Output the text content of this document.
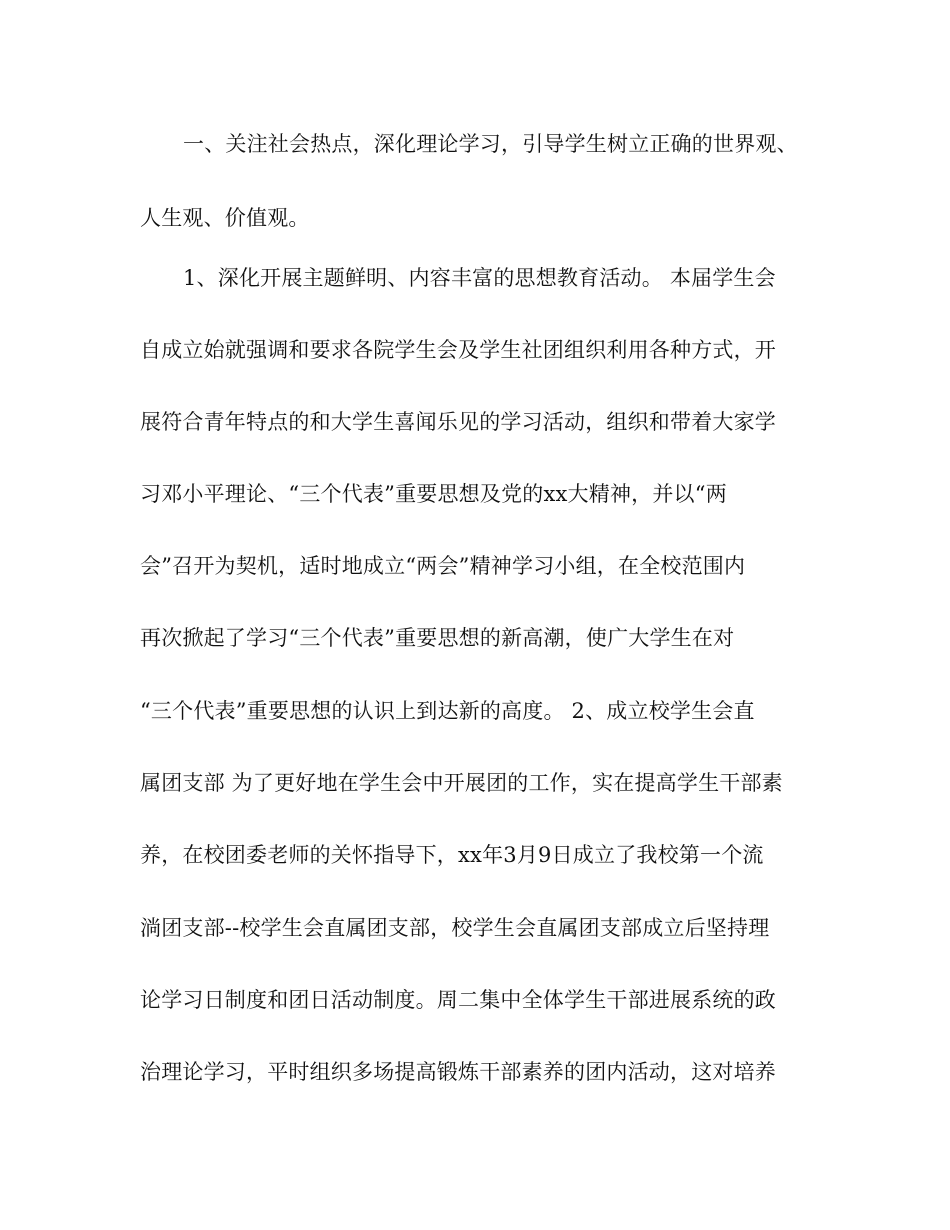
一、关注社会热点，深化理论学习，引导学生树立正确的世界观、
人生观、价值观。
1、深化开展主题鲜明、内容丰富的思想教育活动。 本届学生会
自成立始就强调和要求各院学生会及学生社团组织利用各种方式，开
展符合青年特点的和大学生喜闻乐见的学习活动，组织和带着大家学
习邓小平理论、“三个代表”重要思想及党的xx大精神，并以“两
会”召开为契机，适时地成立“两会”精神学习小组，在全校范围内
再次掀起了学习“三个代表”重要思想的新高潮，使广大学生在对
“三个代表”重要思想的认识上到达新的高度。 2、成立校学生会直
属团支部 为了更好地在学生会中开展团的工作，实在提高学生干部素
养，在校团委老师的关怀指导下，xx年3月9日成立了我校第一个流
淌团支部--校学生会直属团支部，校学生会直属团支部成立后坚持理
论学习日制度和团日活动制度。周二集中全体学生干部进展系统的政
治理论学习，平时组织多场提高锻炼干部素养的团内活动，这对培养
